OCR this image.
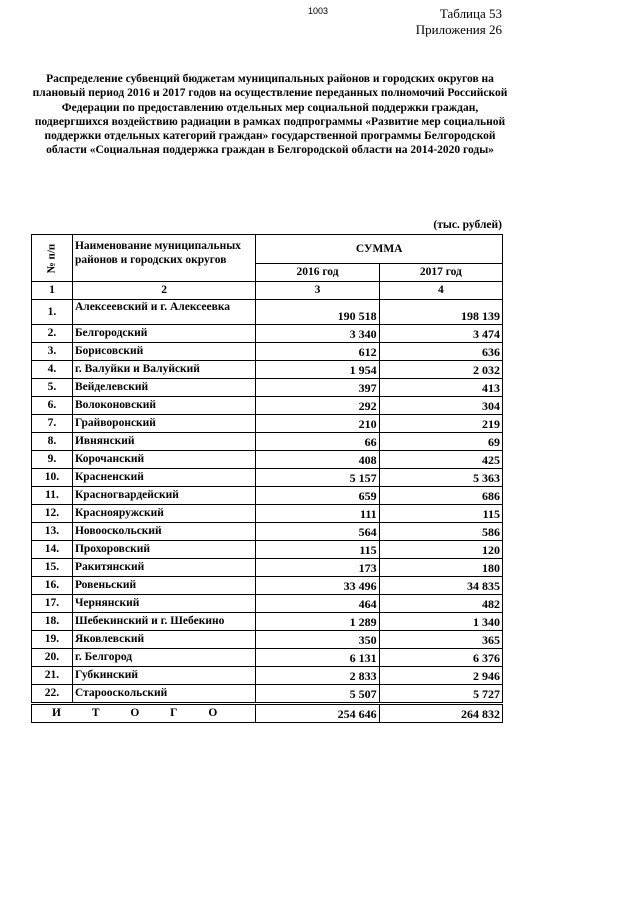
1003	Таблица 53
Приложения 26
Распределение субвенций бюджетам муниципальных районов и городских округов на плановый период 2016 и 2017 годов на осуществление переданных полномочий Российской Федерации по предоставлению отдельных мер социальной поддержки граждан, подвергшихся воздействию радиации в рамках подпрограммы «Развитие мер социальной поддержки отдельных категорий граждан» государственной программы Белгородской области «Социальная поддержка граждан в Белгородской области на 2014-2020 годы»
(тыс. рублей)
№ п/п	Наименование муниципальных районов и городских округов	СУММА	
		2016 год	2017 год
1	2	3	4
1.	Алексеевский и г. Алексеевка	190 518	198 139
2.	Белгородский	3 340	3 474
3.	Борисовский	612	636
4.	г. Валуйки и Валуйский	1 954	2 032
5.	Вейделевский	397	413
6.	Волоконовский	292	304
7.	Грайворонский	210	219
8.	Ивнянский	66	69
9.	Корочанский	408	425
10.	Красненский	5 157	5 363
11.	Красногвардейский	659	686
12.	Краснояружский	111	115
13.	Новооскольский	564	586
14.	Прохоровский	115	120
15.	Ракитянский	173	180
16.	Ровеньский	33 496	34 835
17.	Чернянский	464	482
18.	Шебекинский и г. Шебекино	1 289	1 340
19.	Яковлевский	350	365
20.	г. Белгород	6 131	6 376
21.	Губкинский	2 833	2 946
22.	Старооскольский	5 507	5 727
И Т О Г О		254 646	264 832
